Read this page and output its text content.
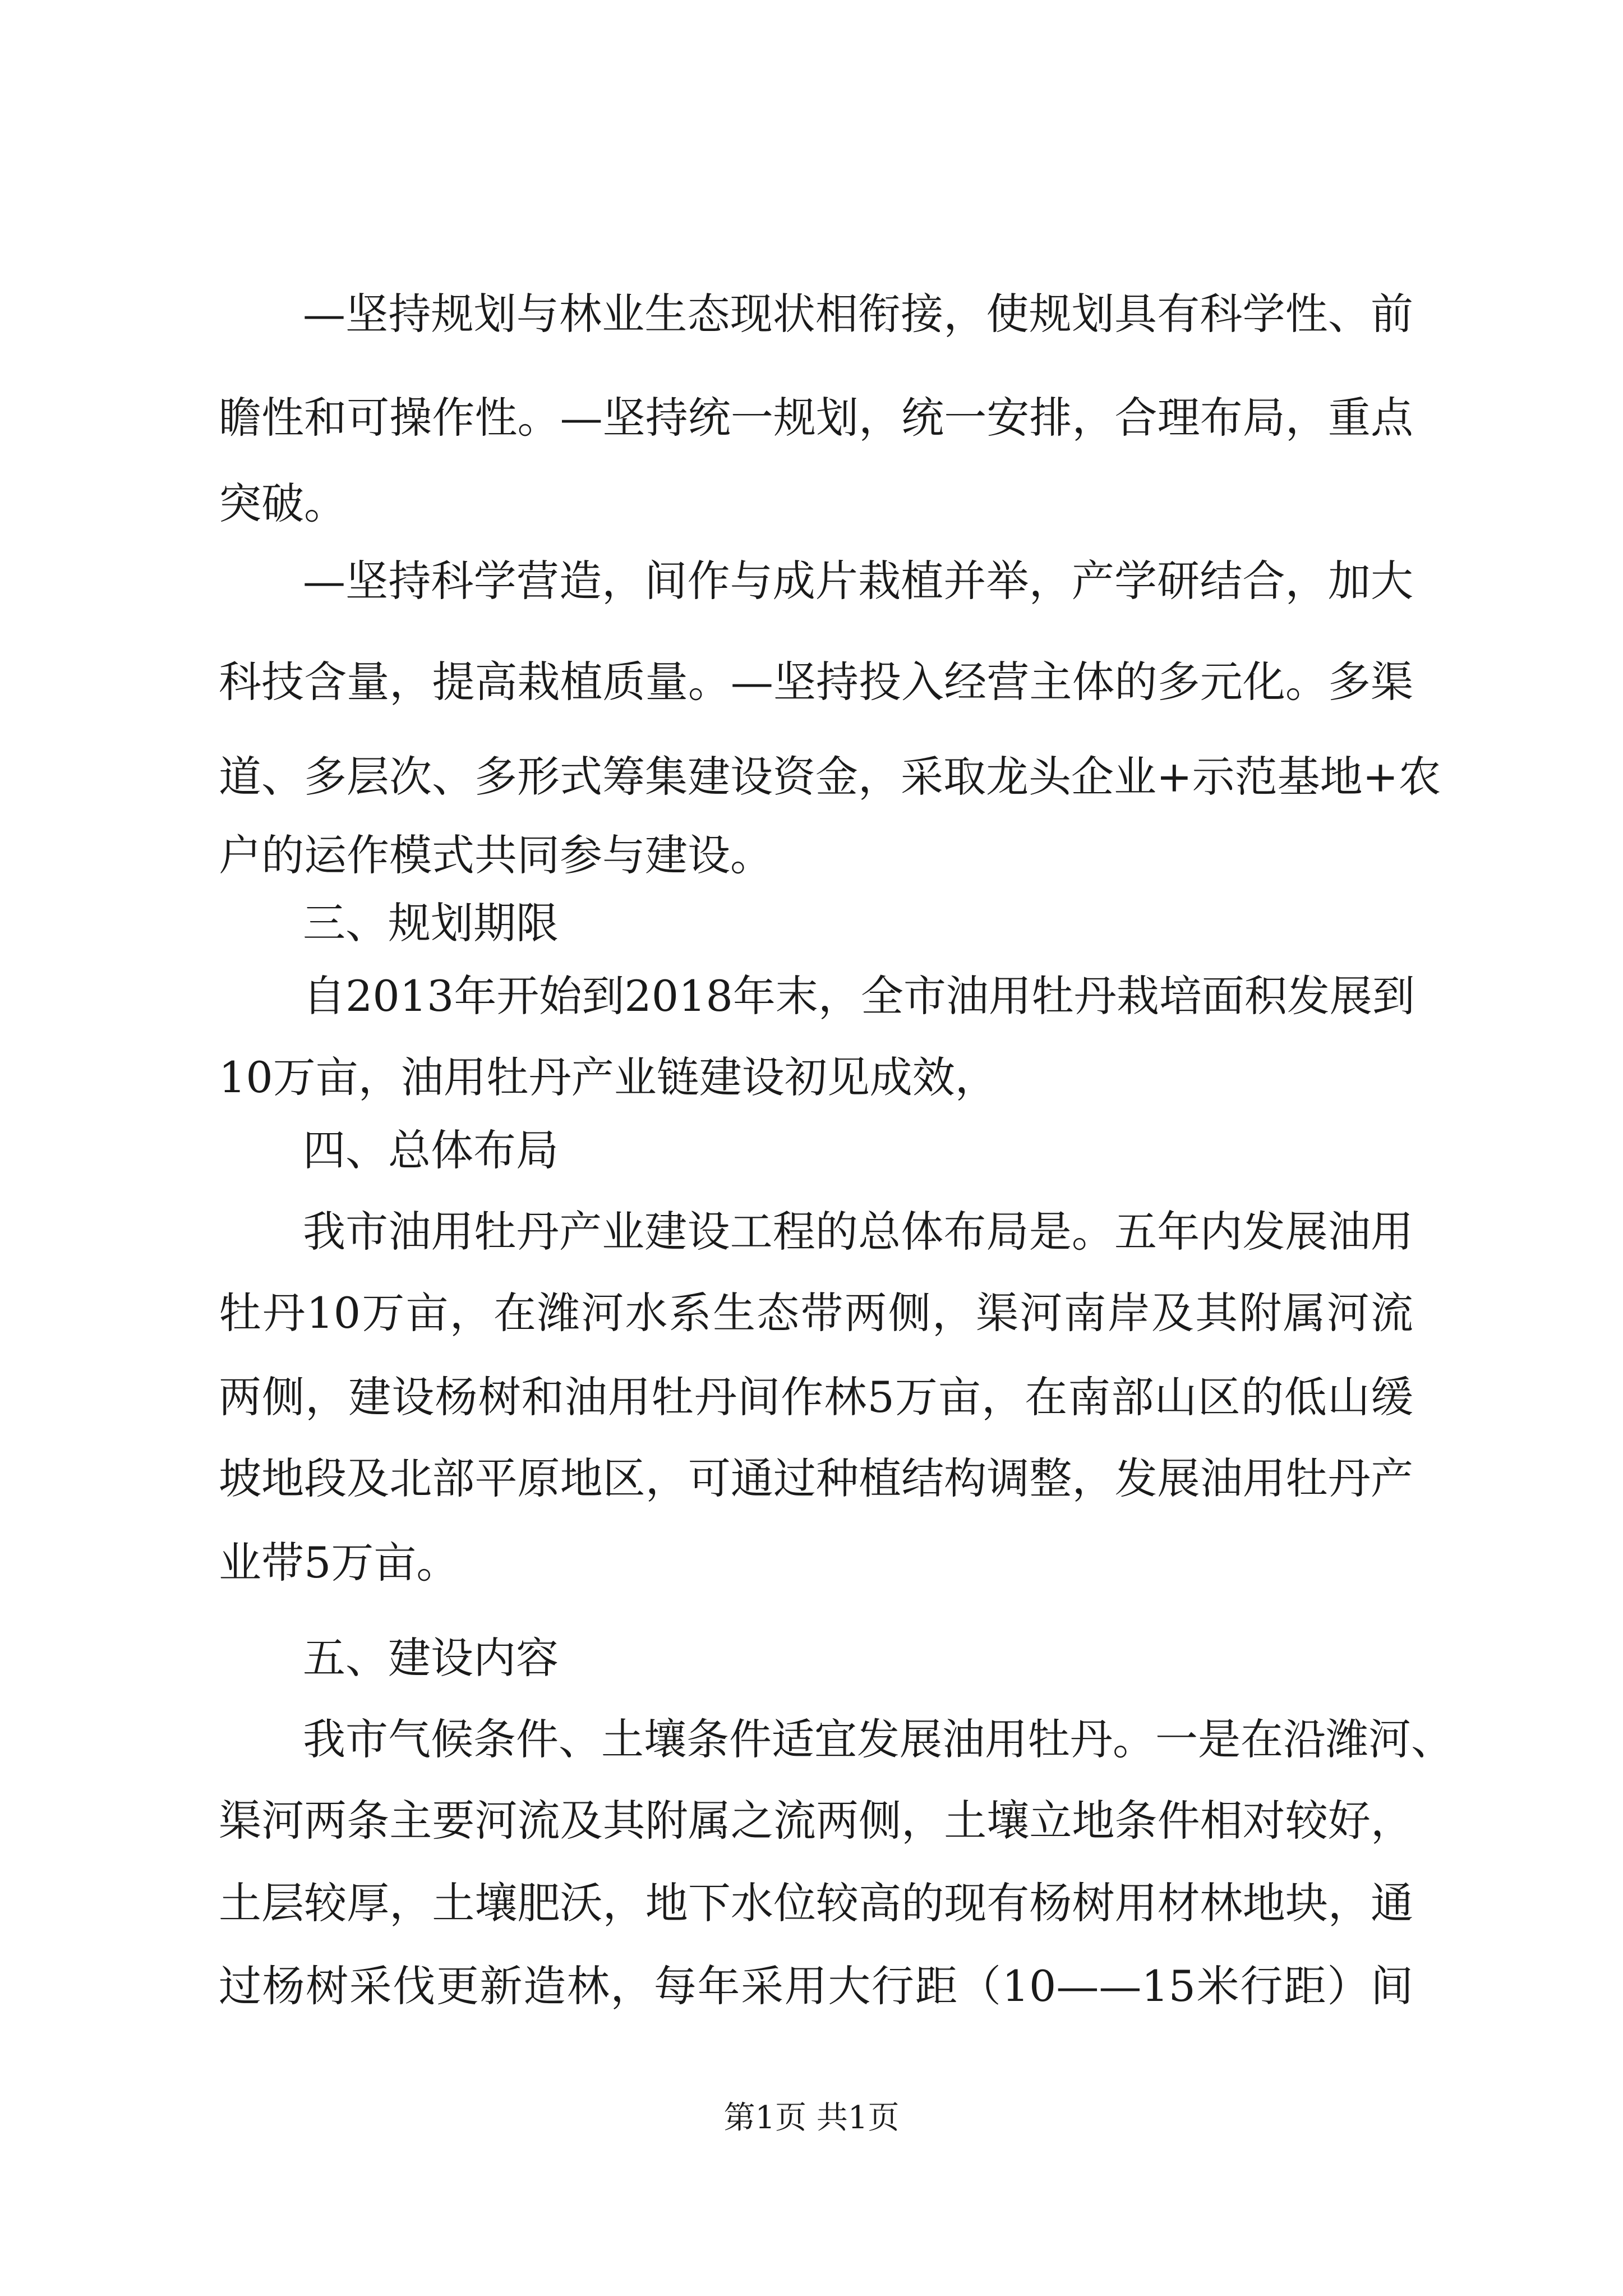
—坚持规划与林业生态现状相衔接，使规划具有科学性、前

瞻性和可操作性。—坚持统一规划，统一安排，合理布局，重点

突破。

—坚持科学营造，间作与成片栽植并举，产学研结合，加大

科技含量，提高栽植质量。—坚持投入经营主体的多元化。多渠

道、多层次、多形式筹集建设资金，采取龙头企业+示范基地+农

户的运作模式共同参与建设。

三、规划期限

自2013年开始到2018年末，全市油用牡丹栽培面积发展到

10万亩，油用牡丹产业链建设初见成效，

四、总体布局

我市油用牡丹产业建设工程的总体布局是。五年内发展油用

牡丹10万亩，在潍河水系生态带两侧，渠河南岸及其附属河流

两侧，建设杨树和油用牡丹间作林5万亩，在南部山区的低山缓

坡地段及北部平原地区，可通过种植结构调整，发展油用牡丹产

业带5万亩。

五、建设内容

我市气候条件、土壤条件适宜发展油用牡丹。一是在沿潍河、

渠河两条主要河流及其附属之流两侧，土壤立地条件相对较好，

土层较厚，土壤肥沃，地下水位较高的现有杨树用材林地块，通

过杨树采伐更新造林，每年采用大行距（10——15米行距）间

第1页 共1页
